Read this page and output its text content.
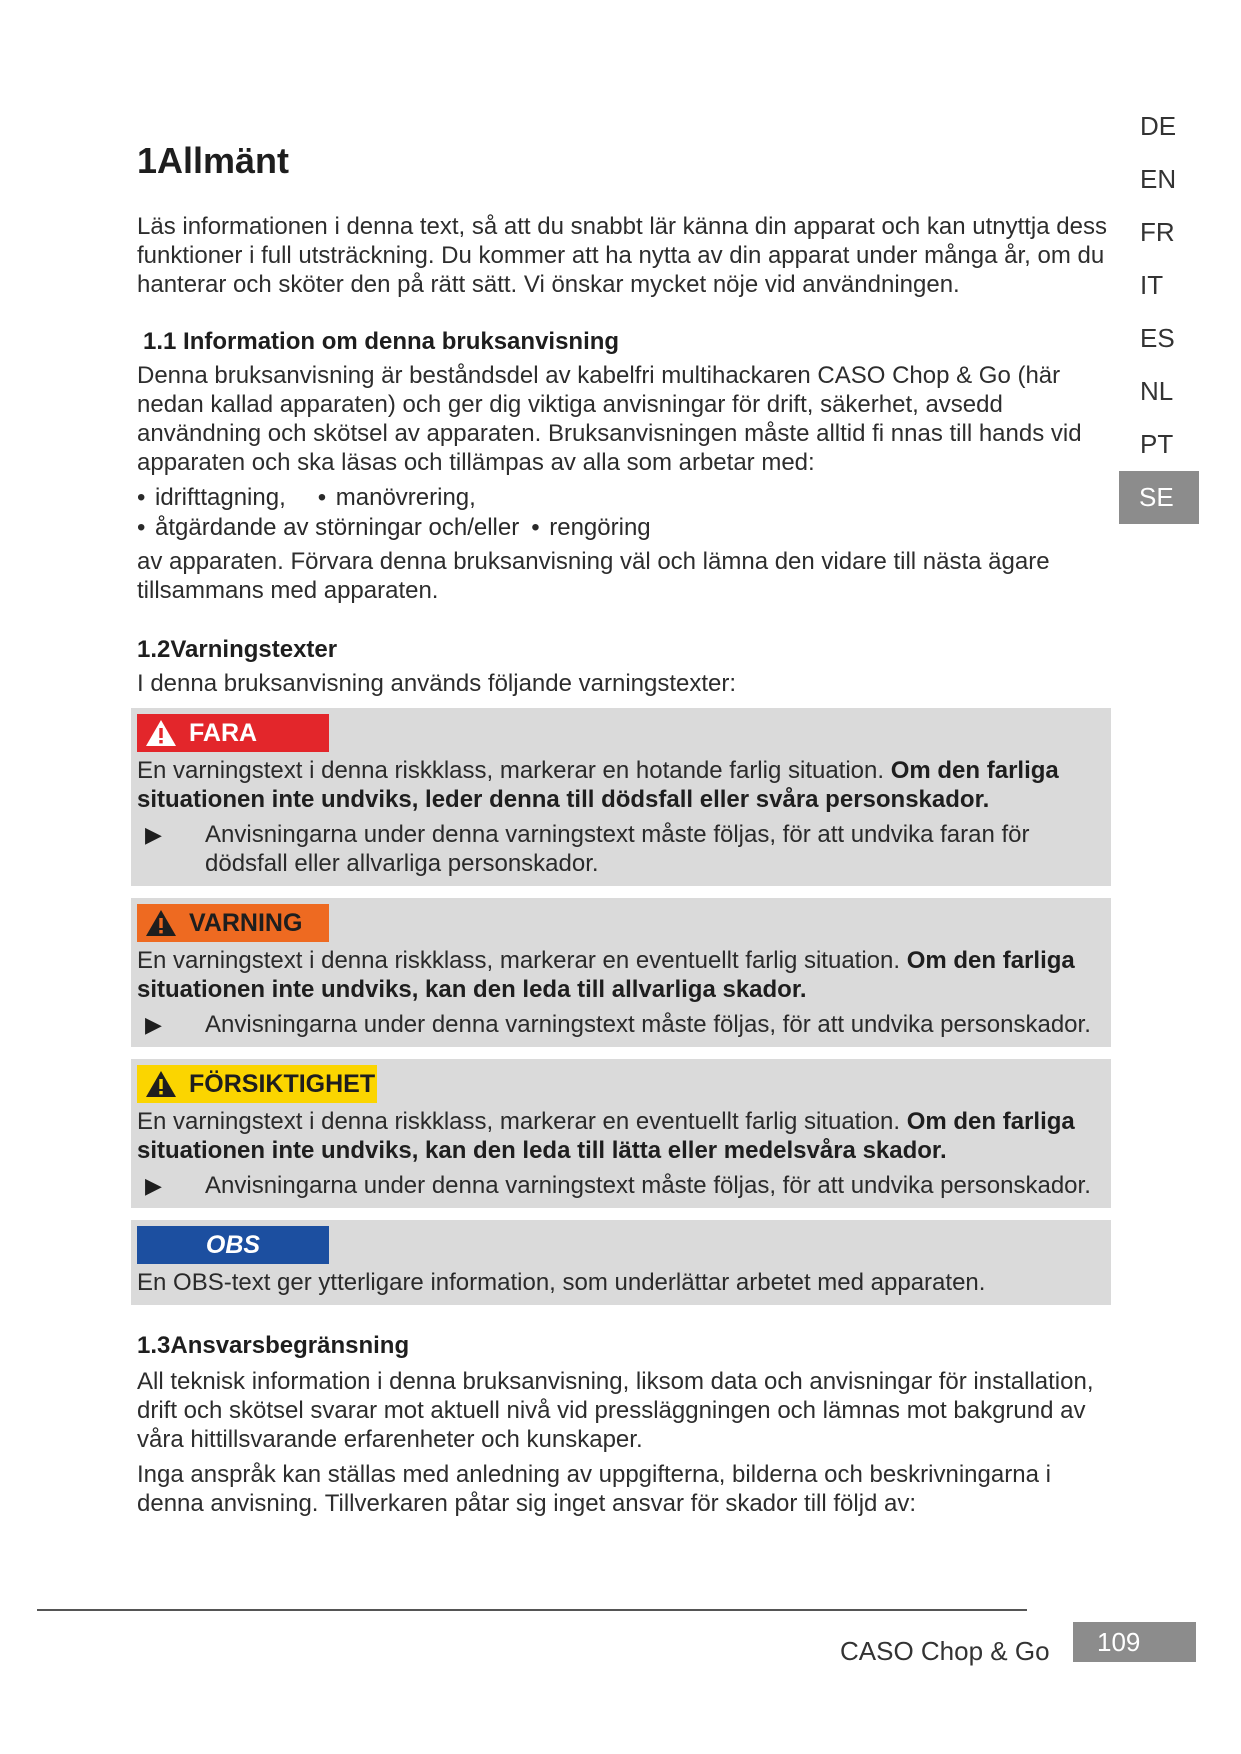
DE
EN
FR
IT
ES
NL
PT
SE
1Allmänt

Läs informationen i denna text, så att du snabbt lär känna din apparat och kan utnyttja dess funktioner i full utsträckning. Du kommer att ha nytta av din apparat under många år, om du hanterar och sköter den på rätt sätt. Vi önskar mycket nöje vid användningen.

1.1 Information om denna bruksanvisning

Denna bruksanvisning är beståndsdel av kabelfri multihackaren CASO Chop & Go (här nedan kallad apparaten) och ger dig viktiga anvisningar för drift, säkerhet, avsedd användning och skötsel av apparaten. Bruksanvisningen måste alltid fi nnas till hands vid apparaten och ska läsas och tillämpas av alla som arbetar med:

• idrifttagning, • manövrering,
• åtgärdande av störningar och/eller • rengöring

av apparaten. Förvara denna bruksanvisning väl och lämna den vidare till nästa ägare tillsammans med apparaten.

1.2Varningstexter

I denna bruksanvisning används följande varningstexter:

FARA

En varningstext i denna riskklass, markerar en hotande farlig situation. Om den farliga situationen inte undviks, leder denna till dödsfall eller svåra personskador.

▶	Anvisningarna under denna varningstext måste följas, för att undvika faran för dödsfall eller allvarliga personskador.
VARNING

En varningstext i denna riskklass, markerar en eventuellt farlig situation. Om den farliga situationen inte undviks, kan den leda till allvarliga skador.

▶	Anvisningarna under denna varningstext måste följas, för att undvika personskador.
FÖRSIKTIGHET

En varningstext i denna riskklass, markerar en eventuellt farlig situation. Om den farliga situationen inte undviks, kan den leda till lätta eller medelsvåra skador.

▶	Anvisningarna under denna varningstext måste följas, för att undvika personskador.
OBS

En OBS-text ger ytterligare information, som underlättar arbetet med apparaten.

1.3Ansvarsbegränsning

All teknisk information i denna bruksanvisning, liksom data och anvisningar för installation, drift och skötsel svarar mot aktuell nivå vid pressläggningen och lämnas mot bakgrund av våra hittillsvarande erfarenheter och kunskaper.

Inga anspråk kan ställas med anledning av uppgifterna, bilderna och beskrivningarna i denna anvisning. Tillverkaren påtar sig inget ansvar för skador till följd av:

CASO Chop & Go	109
